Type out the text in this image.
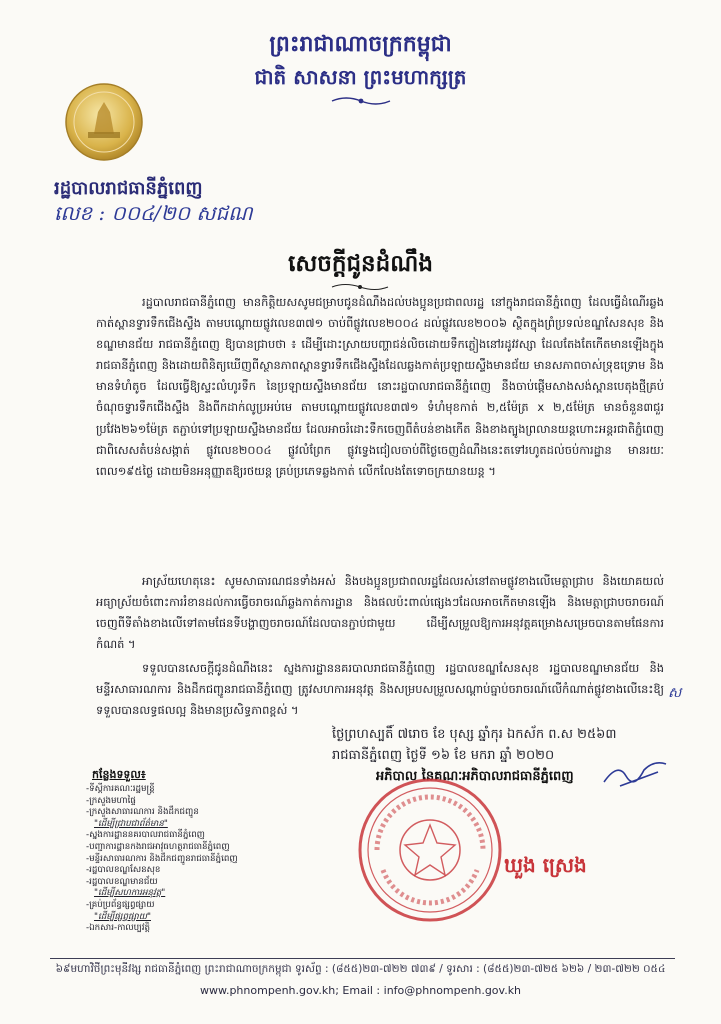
ព្រះរាជាណាចក្រកម្ពុជា
ជាតិ សាសនា ព្រះមហាក្សត្រ
រដ្ឋបាលរាជធានីភ្នំពេញ
លេខ : ០០៤/២០ សជណ
សេចក្ដីជូនដំណឹង
រដ្ឋបាលរាជធានីភ្នំពេញ មានកិត្តិយសសូមជម្រាបជូនដំណឹងដល់បងប្អូនប្រជាពលរដ្ឋ នៅក្នុងរាជធានីភ្នំពេញ ដែលធ្វើដំណើរឆ្លងកាត់ស្ពានទ្វារទឹកជើងស្ទឹង តាមបណ្ដោយផ្លូវលេខ៣៧១ ចាប់ពីផ្លូវលេខ២០០៤ ដល់ផ្លូវលេខ២០០៦ ស្ថិតក្នុងព្រំប្រទល់ខណ្ឌសែនសុខ និងខណ្ឌមានជ័យ រាជធានីភ្នំពេញ ឱ្យបានជ្រាបថា ៖ ដើម្បីដោះស្រាយបញ្ហាជន់លិចដោយទឹកភ្លៀងនៅរដូវវស្សា ដែលតែងតែកើតមានឡើងក្នុងរាជធានីភ្នំពេញ និងដោយពិនិត្យឃើញពីស្ថានភាពស្ពានទ្វារទឹកជើងស្ទឹងដែលឆ្លងកាត់ប្រឡាយស្ទឹងមានជ័យ មានសភាពចាស់ទ្រុឌទ្រោម និងមានទំហំតូច ដែលធ្វើឱ្យស្ទះលំហូរទឹក នៃប្រឡាយស្ទឹងមានជ័យ នោះរដ្ឋបាលរាជធានីភ្នំពេញ នឹងចាប់ផ្ដើមសាងសង់ស្ពានបេតុងថ្មីគ្រប់ចំណុចទ្វារទឹកជើងស្ទឹង និងពីកដាក់លូប្រអប់មេ តាមបណ្ដោយផ្លូវលេខ៣៧១ ទំហំមុខកាត់ ២,៥ម៉ែត្រ x ២,៥ម៉ែត្រ មានចំនួន៣ជួរ ប្រវែង២៦១ម៉ែត្រ តភ្ជាប់ទៅប្រឡាយស្ទឹងមានជ័យ ដែលអាចរំដោះទឹកចេញពីតំបន់ខាងកើត និងខាងត្បូងព្រលានយន្តហោះអន្តរជាតិភ្នំពេញ ជាពិសេសតំបន់សង្កាត់ ផ្លូវលេខ២០០៤ ផ្លូវលំព្រែក ផ្លូវទ្វេងជៀលចាប់ពីថ្ងៃចេញដំណឹងនេះតទៅរហូតដល់ចប់ការដ្ឋាន មានរយៈពេល១៩៥ថ្ងៃ ដោយមិនអនុញ្ញាតឱ្យរថយន្ត គ្រប់ប្រភេទឆ្លងកាត់ លើកលែងតែទោចក្រយានយន្ត ។
អាស្រ័យហេតុនេះ សូមសាធារណជនទាំងអស់ និងបងប្អូនប្រជាពលរដ្ឋដែលរស់នៅតាមផ្លូវខាងលើមេត្តាជ្រាប និងយោគយល់អធ្យាស្រ័យចំពោះការរំខានដល់ការធ្វើចរាចរណ៍ឆ្លងកាត់ការដ្ឋាន និងផលប៉ះពាល់ផ្សេងៗដែលអាចកើតមានឡើង និងមេត្តាជ្រាបចរាចរណ៍ចេញពីទីតាំងខាងលើទៅតាមផែនទីបង្ហាញចរាចរណ៍ដែលបានភ្ជាប់ជាមួយ ដើម្បីសម្រួលឱ្យការអនុវត្តគម្រោងសម្រេចបានតាមផែនការកំណត់ ។
ទទួលបានសេចក្ដីជូនដំណឹងនេះ ស្នងការដ្ឋាននគរបាលរាជធានីភ្នំពេញ រដ្ឋបាលខណ្ឌសែនសុខ រដ្ឋបាលខណ្ឌមានជ័យ និងមន្ទីរសាធារណការ និងដឹកជញ្ជូនរាជធានីភ្នំពេញ ត្រូវសហការអនុវត្ត និងសម្របសម្រួលសណ្ដាប់ធ្នាប់ចរាចរណ៍លើកំណាត់ផ្លូវខាងលើនេះឱ្យទទួលបានលទ្ធផលល្អ និងមានប្រសិទ្ធភាពខ្ពស់ ។
ស
ថ្ងៃព្រហស្បតិ៍ ៧រោច ខែ បុស្ស ឆ្នាំកុរ ឯកស័ក ព.ស ២៥៦៣
រាជធានីភ្នំពេញ ថ្ងៃទី ១៦ ខែ មករា ឆ្នាំ ២០២០
អភិបាល នៃគណៈអភិបាលរាជធានីភ្នំពេញ
ឃួង ស្រេង
កន្លែងទទួល៖
-ទីស្ដីការគណៈរដ្ឋមន្ត្រី
-ក្រសួងមហាផ្ទៃ
-ក្រសួងសាធារណការ និងដឹកជញ្ជូន
"ដើម្បីជ្រាបជាព័ត៌មាន"
-ស្នងការដ្ឋាននគរបាលរាជធានីភ្នំពេញ
-បញ្ជាការដ្ឋានកងរាជអាវុធហត្ថរាជធានីភ្នំពេញ
-មន្ទីរសាធារណការ និងដឹកជញ្ជូនរាជធានីភ្នំពេញ
-រដ្ឋបាលខណ្ឌសែនសុខ
-រដ្ឋបាលខណ្ឌមានជ័យ
"ដើម្បីសហការអនុវត្ត"
-គ្រប់ប្រព័ន្ធផ្សព្វផ្សាយ
"ដើម្បីផ្សព្វផ្សាយ"
-ឯកសារ-កាលប្បវត្តិ
៦៩មហាវិថីព្រះមុនីវង្ស រាជធានីភ្នំពេញ ព្រះរាជាណាចក្រកម្ពុជា ទូរស័ព្ទ : (៨៥៥)២៣-៧២២ ៧៣៩ / ទូរសារ : (៨៥៥)២៣-៧២៥ ៦២៦ / ២៣-៧២២ ០៥៤
www.phnompenh.gov.kh; Email : info@phnompenh.gov.kh
